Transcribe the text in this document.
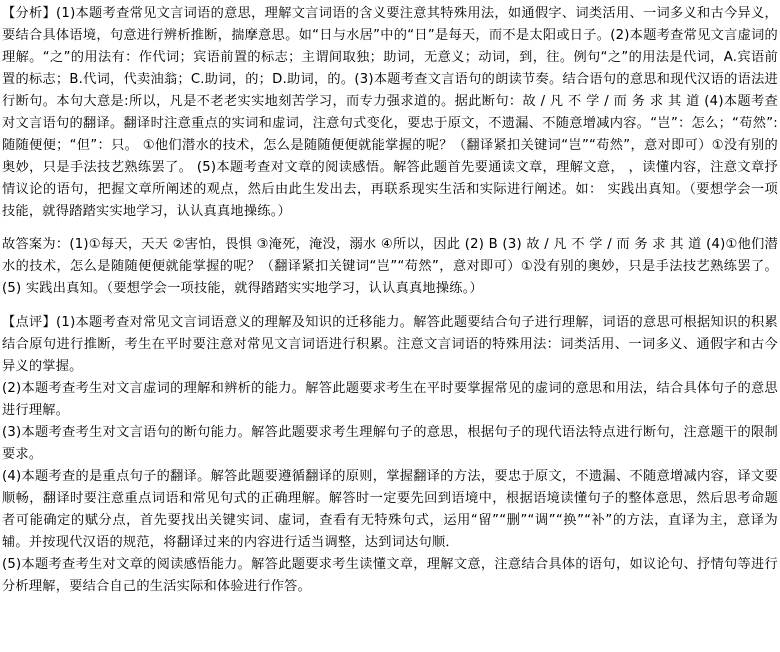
【分析】(1)本题考查常见文言词语的意思，理解文言词语的含义要注意其特殊用法，如通假字、词类活用、一词多义和古今异义，要结合具体语境，句意进行辨析推断，揣摩意思。如“日与水居”中的“日”是每天，而不是太阳或日子。(2)本题考查常见文言虚词的理解。“之”的用法有：作代词；宾语前置的标志；主谓间取独；助词，无意义；动词，到，往。例句“之”的用法是代词，A.宾语前置的标志；B.代词，代卖油翁；C.助词，的；D.助词，的。(3)本题考查文言语句的朗读节奏。结合语句的意思和现代汉语的语法进行断句。本句大意是:所以，凡是不老老实实地刻苦学习，而专力强求道的。据此断句：故 / 凡 不 学 / 而 务 求 其 道 (4)本题考查对文言语句的翻译。翻译时注意重点的实词和虚词，注意句式变化，要忠于原文，不遗漏、不随意增减内容。“岂”：怎么；“苟然”:随随便便；“但”：只。 ①他们潜水的技术，怎么是随随便便就能掌握的呢？（翻译紧扣关键词“岂”“苟然”，意对即可）①没有别的奥妙，只是手法技艺熟练罢了。 (5)本题考查对文章的阅读感悟。解答此题首先要通读文章，理解文意， ，读懂内容，注意文章抒情议论的语句，把握文章所阐述的观点，然后由此生发出去，再联系现实生活和实际进行阐述。如： 实践出真知。（要想学会一项技能，就得踏踏实实地学习，认认真真地操练。）

故答案为：(1)①每天，天天 ②害怕，畏惧 ③淹死，淹没，溺水 ④所以，因此 (2) B (3) 故 / 凡 不 学 / 而 务 求 其 道 (4)①他们潜水的技术，怎么是随随便便就能掌握的呢？（翻译紧扣关键词“岂”“苟然”，意对即可）①没有别的奥妙，只是手法技艺熟练罢了。(5) 实践出真知。（要想学会一项技能，就得踏踏实实地学习，认认真真地操练。）

【点评】(1)本题考查对常见文言词语意义的理解及知识的迁移能力。解答此题要结合句子进行理解，词语的意思可根据知识的积累结合原句进行推断，考生在平时要注意对常见文言词语进行积累。注意文言词语的特殊用法：词类活用、一词多义、通假字和古今异义的掌握。

(2)本题考查考生对文言虚词的理解和辨析的能力。解答此题要求考生在平时要掌握常见的虚词的意思和用法，结合具体句子的意思进行理解。

(3)本题考查考生对文言语句的断句能力。解答此题要求考生理解句子的意思，根据句子的现代语法特点进行断句，注意题干的限制要求。

(4)本题考查的是重点句子的翻译。解答此题要遵循翻译的原则，掌握翻译的方法，要忠于原文，不遗漏、不随意增减内容，译文要顺畅，翻译时要注意重点词语和常见句式的正确理解。解答时一定要先回到语境中，根据语境读懂句子的整体意思，然后思考命题者可能确定的赋分点，首先要找出关键实词、虚词，查看有无特殊句式，运用“留”“删”“调”“换”“补”的方法，直译为主，意译为辅。并按现代汉语的规范，将翻译过来的内容进行适当调整，达到词达句顺．

(5)本题考查考生对文章的阅读感悟能力。解答此题要求考生读懂文章，理解文意，注意结合具体的语句，如议论句、抒情句等进行分析理解，要结合自己的生活实际和体验进行作答。
